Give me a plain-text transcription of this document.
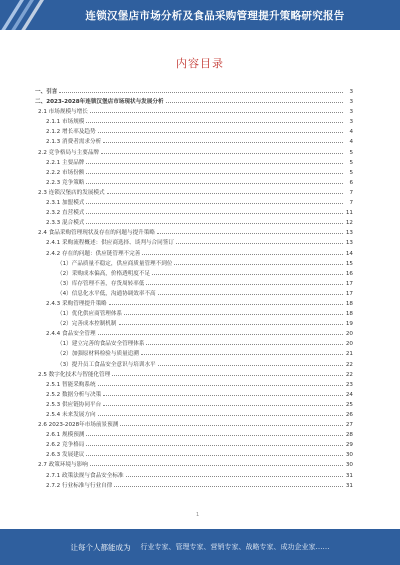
连锁汉堡店市场分析及食品采购管理提升策略研究报告
内容目录
一、引言	3
二、2023-2028年连锁汉堡店市场现状与发展分析	3
2.1 市场规模与增长	3
2.1.1 市场规模	3
2.1.2 增长率及趋势	4
2.1.3 消费者需求分析	4
2.2 竞争格局与主要品牌	5
2.2.1 主要品牌	5
2.2.2 市场份额	5
2.2.3 竞争策略	6
2.3 连锁汉堡店的发展模式	7
2.3.1 加盟模式	7
2.3.2 直营模式	11
2.3.3 混合模式	12
2.4 食品采购管理现状及存在的问题与提升策略	13
2.4.1 采购流程概述：供应商选择、谈判与合同签订	13
2.4.2 存在的问题：供应链管理不完善	14
（1）产品质量不稳定，供应商质量管理不到位	15
（2）采购成本偏高，价格透明度不足	16
（3）库存管理不善，存货周转率低	17
（4）信息化水平低，沟通协调效率不高	17
2.4.3 采购管理提升策略	18
（1）优化供应商管理体系	18
（2）完善成本控制机制	19
2.4.4 食品安全管理	20
（1）建立完善的食品安全管理体系	20
（2）加强原材料检验与质量追溯	21
（3）提升员工食品安全意识与培训水平	22
2.5 数字化技术与智能化管理	22
2.5.1 智能采购系统	23
2.5.2 数据分析与决策	24
2.5.3 供应链协同平台	25
2.5.4 未来发展方向	26
2.6 2023-2028年市场前景预测	27
2.6.1 规模预测	28
2.6.2 竞争格局	29
2.6.3 发展建议	30
2.7 政策环境与影响	30
2.7.1 政策法规与食品安全标准	31
2.7.2 行业标准与行业自律	31
1
让每个人都能成为 行业专家、管理专家、营销专家、战略专家、成功企业家……
